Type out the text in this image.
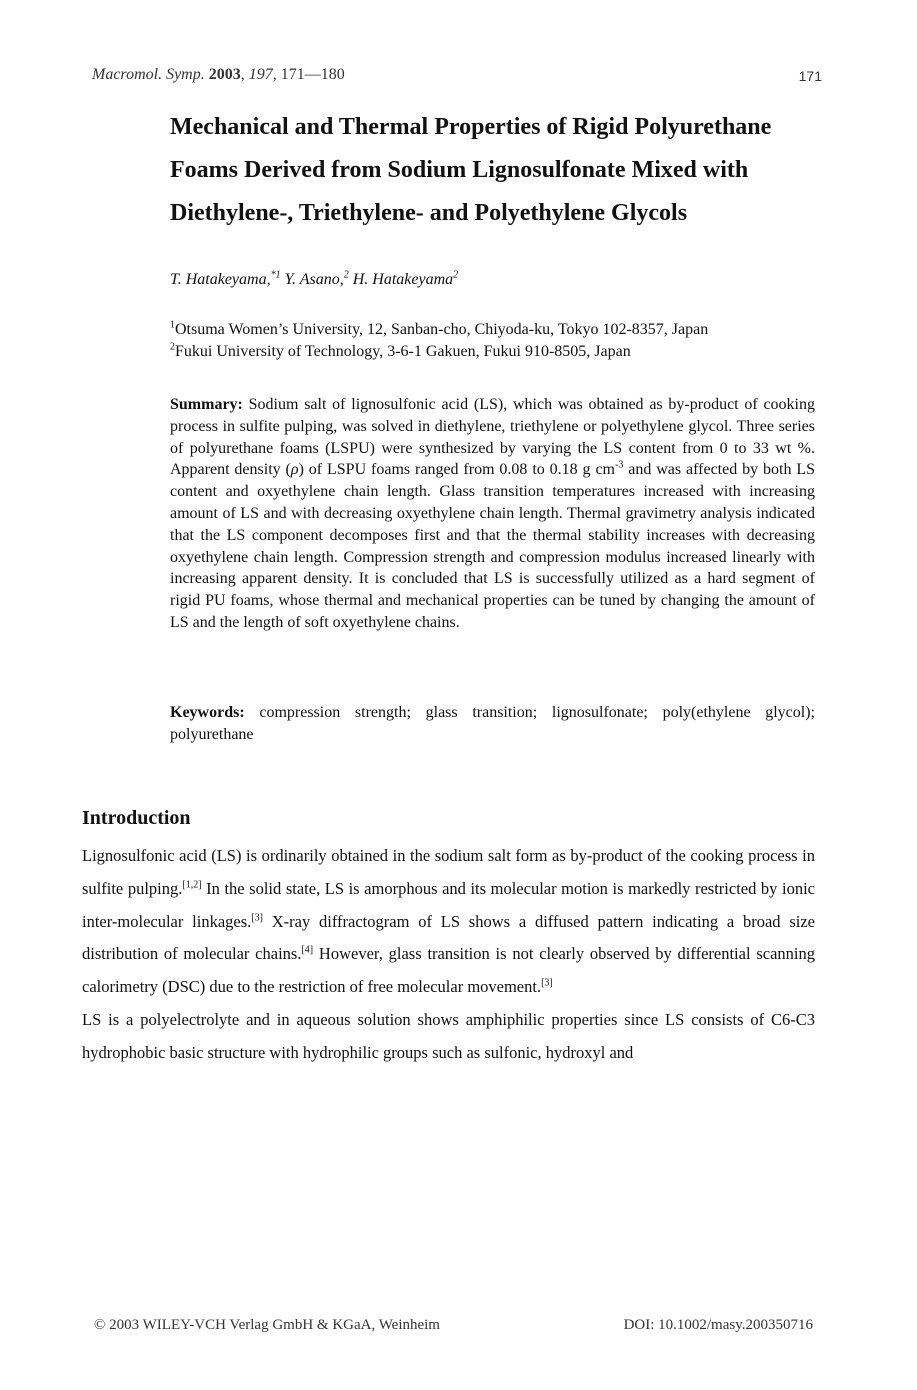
Macromol. Symp. 2003, 197, 171—180	171
Mechanical and Thermal Properties of Rigid Polyurethane Foams Derived from Sodium Lignosulfonate Mixed with Diethylene-, Triethylene- and Polyethylene Glycols
T. Hatakeyama,$^{*1}$ Y. Asano,$^2$ H. Hatakeyama$^2$
$^1$Otsuma Women’s University, 12, Sanban-cho, Chiyoda-ku, Tokyo 102-8357, Japan
$^2$Fukui University of Technology, 3-6-1 Gakuen, Fukui 910-8505, Japan
Summary: Sodium salt of lignosulfonic acid (LS), which was obtained as by-product of cooking process in sulfite pulping, was solved in diethylene, triethylene or polyethylene glycol. Three series of polyurethane foams (LSPU) were synthesized by varying the LS content from 0 to 33 wt %. Apparent density (ρ) of LSPU foams ranged from 0.08 to 0.18 g $cm^{-3}$ and was affected by both LS content and oxyethylene chain length. Glass transition temperatures increased with increasing amount of LS and with decreasing oxyethylene chain length. Thermal gravimetry analysis indicated that the LS component decomposes first and that the thermal stability increases with decreasing oxyethylene chain length. Compression strength and compression modulus increased linearly with increasing apparent density. It is concluded that LS is successfully utilized as a hard segment of rigid PU foams, whose thermal and mechanical properties can be tuned by changing the amount of LS and the length of soft oxyethylene chains.
Keywords: compression strength; glass transition; lignosulfonate; poly(ethylene glycol); polyurethane
Introduction

Lignosulfonic acid (LS) is ordinarily obtained in the sodium salt form as by-product of the cooking process in sulfite pulping.[1,2] In the solid state, LS is amorphous and its molecular motion is markedly restricted by ionic inter-molecular linkages.[3] X-ray diffractogram of LS shows a diffused pattern indicating a broad size distribution of molecular chains.[4] However, glass transition is not clearly observed by differential scanning calorimetry (DSC) due to the restriction of free molecular movement.[3]

LS is a polyelectrolyte and in aqueous solution shows amphiphilic properties since LS consists of C6-C3 hydrophobic basic structure with hydrophilic groups such as sulfonic, hydroxyl and

© 2003 WILEY-VCH Verlag GmbH & KGaA, Weinheim	DOI: 10.1002/masy.200350716
